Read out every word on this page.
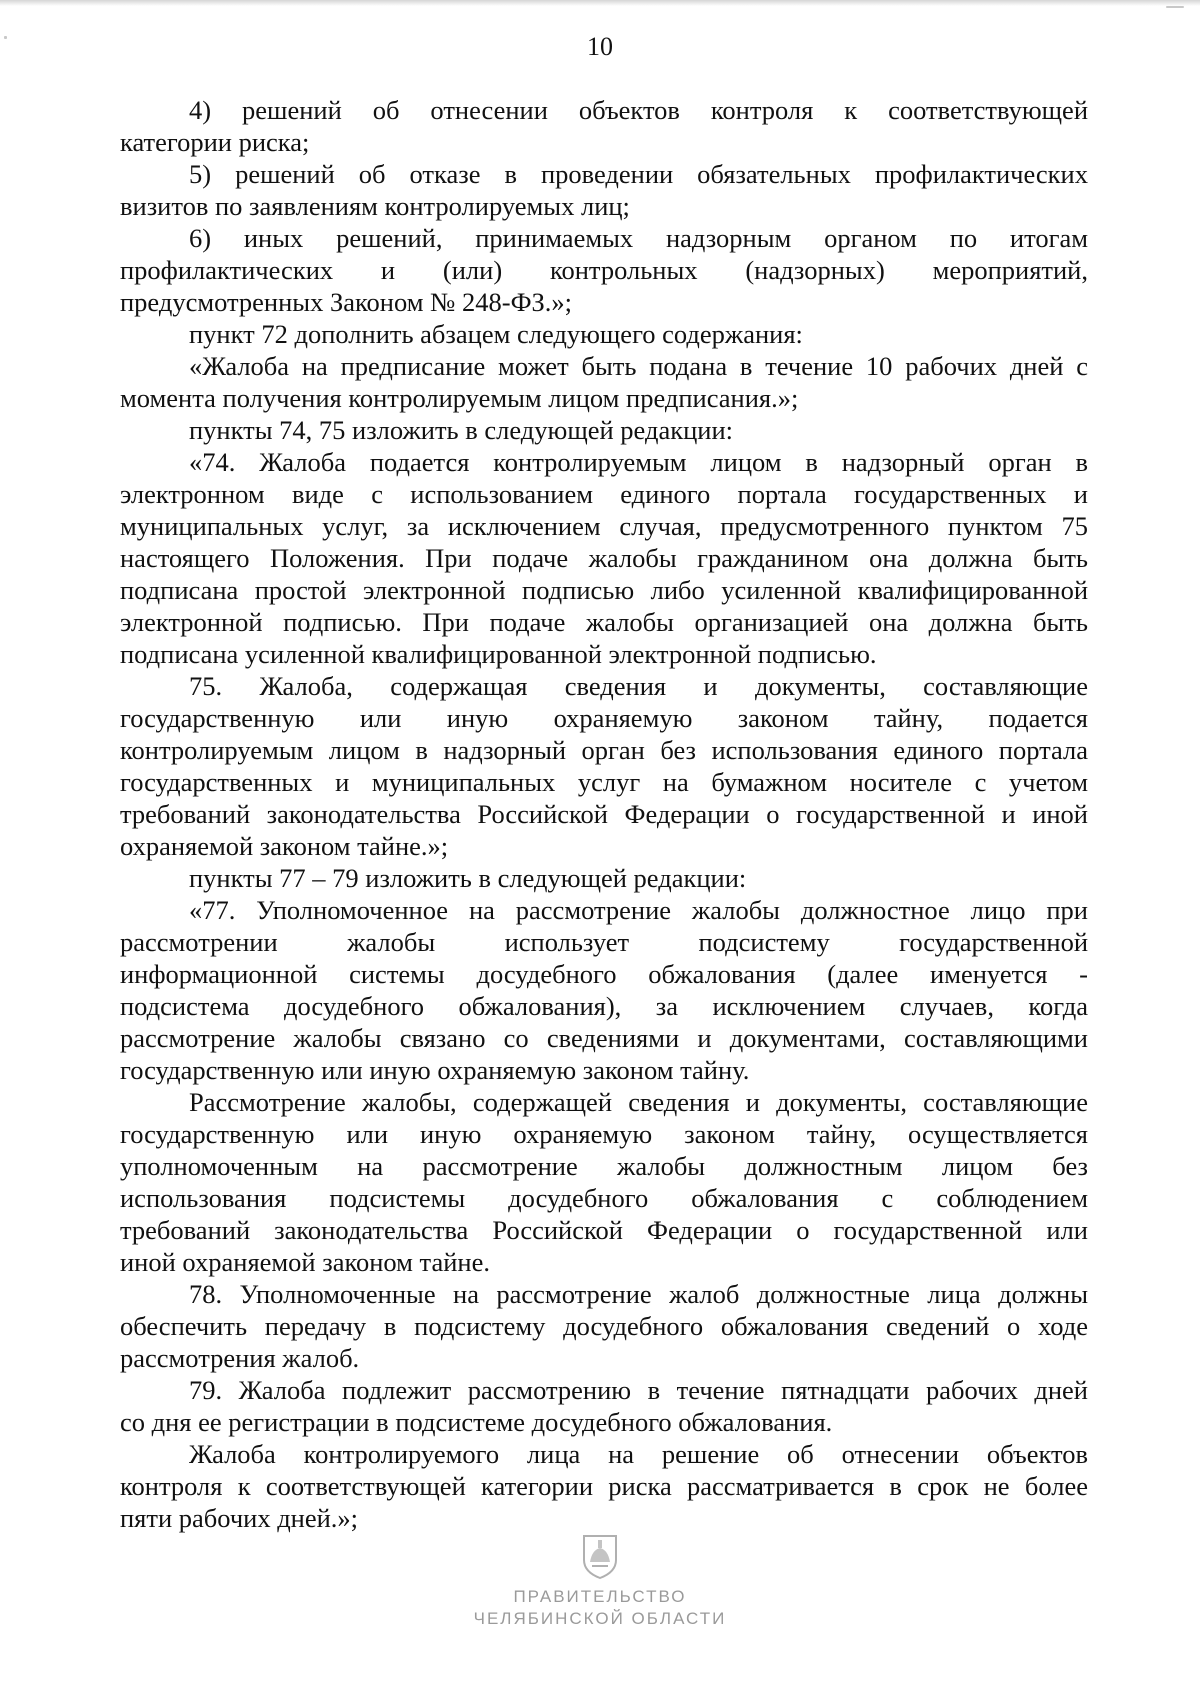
10
4) решений об отнесении объектов контроля к соответствующей
категории риска;
5) решений об отказе в проведении обязательных профилактических
визитов по заявлениям контролируемых лиц;
6) иных решений, принимаемых надзорным органом по итогам
профилактических и (или) контрольных (надзорных) мероприятий,
предусмотренных Законом № 248-ФЗ.»;
пункт 72 дополнить абзацем следующего содержания:
«Жалоба на предписание может быть подана в течение 10 рабочих дней с
момента получения контролируемым лицом предписания.»;
пункты 74, 75 изложить в следующей редакции:
«74. Жалоба подается контролируемым лицом в надзорный орган в
электронном виде с использованием единого портала государственных и
муниципальных услуг, за исключением случая, предусмотренного пунктом 75
настоящего Положения. При подаче жалобы гражданином она должна быть
подписана простой электронной подписью либо усиленной квалифицированной
электронной подписью. При подаче жалобы организацией она должна быть
подписана усиленной квалифицированной электронной подписью.
75. Жалоба, содержащая сведения и документы, составляющие
государственную или иную охраняемую законом тайну, подается
контролируемым лицом в надзорный орган без использования единого портала
государственных и муниципальных услуг на бумажном носителе с учетом
требований законодательства Российской Федерации о государственной и иной
охраняемой законом тайне.»;
пункты 77 – 79 изложить в следующей редакции:
«77. Уполномоченное на рассмотрение жалобы должностное лицо при
рассмотрении жалобы использует подсистему государственной
информационной системы досудебного обжалования (далее именуется -
подсистема досудебного обжалования), за исключением случаев, когда
рассмотрение жалобы связано со сведениями и документами, составляющими
государственную или иную охраняемую законом тайну.
Рассмотрение жалобы, содержащей сведения и документы, составляющие
государственную или иную охраняемую законом тайну, осуществляется
уполномоченным на рассмотрение жалобы должностным лицом без
использования подсистемы досудебного обжалования с соблюдением
требований законодательства Российской Федерации о государственной или
иной охраняемой законом тайне.
78. Уполномоченные на рассмотрение жалоб должностные лица должны
обеспечить передачу в подсистему досудебного обжалования сведений о ходе
рассмотрения жалоб.
79. Жалоба подлежит рассмотрению в течение пятнадцати рабочих дней
со дня ее регистрации в подсистеме досудебного обжалования.
Жалоба контролируемого лица на решение об отнесении объектов
контроля к соответствующей категории риска рассматривается в срок не более
пяти рабочих дней.»;
ПРАВИТЕЛЬСТВО
ЧЕЛЯБИНСКОЙ ОБЛАСТИ
